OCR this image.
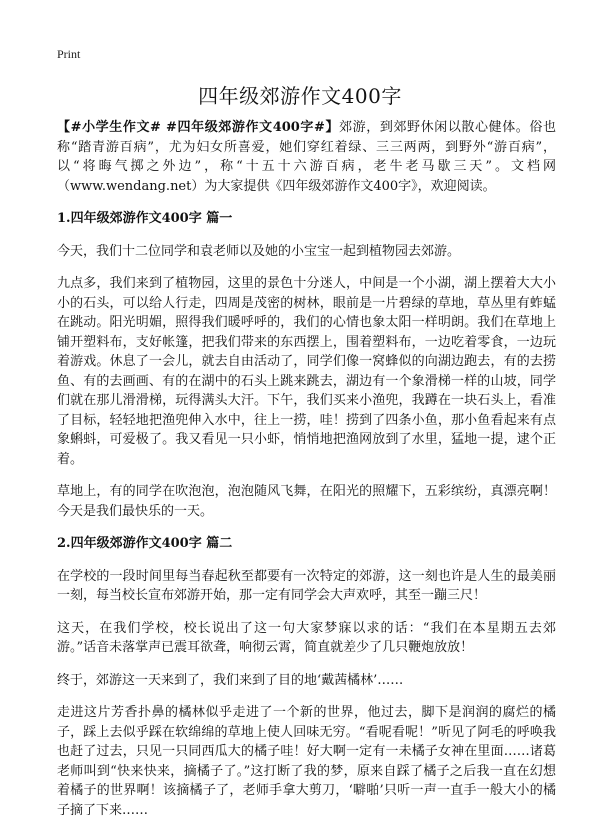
Print
四年级郊游作文400字

【#小学生作文# #四年级郊游作文400字#】郊游，到郊野休闲以散心健体。俗也称“踏青游百病”，尤为妇女所喜爱，她们穿红着绿、三三两两，到野外“游百病”，以“将晦气掷之外边”，称“十五十六游百病，老牛老马歇三天”。文档网（www.wendang.net）为大家提供《四年级郊游作文400字》，欢迎阅读。

1.四年级郊游作文400字 篇一

今天，我们十二位同学和袁老师以及她的小宝宝一起到植物园去郊游。

九点多，我们来到了植物园，这里的景色十分迷人，中间是一个小湖，湖上摆着大大小小的石头，可以给人行走，四周是茂密的树林，眼前是一片碧绿的草地，草丛里有蚱蜢在跳动。阳光明媚，照得我们暖呼呼的，我们的心情也象太阳一样明朗。我们在草地上铺开塑料布，支好帐篷，把我们带来的东西摆上，围着塑料布，一边吃着零食，一边玩着游戏。休息了一会儿，就去自由活动了，同学们像一窝蜂似的向湖边跑去，有的去捞鱼、有的去画画、有的在湖中的石头上跳来跳去，湖边有一个象滑梯一样的山坡，同学们就在那儿滑滑梯，玩得满头大汗。下午，我们买来小渔兜，我蹲在一块石头上，看准了目标，轻轻地把渔兜伸入水中，往上一捞，哇！捞到了四条小鱼，那小鱼看起来有点象蝌蚪，可爱极了。我又看见一只小虾，悄悄地把渔网放到了水里，猛地一提，逮个正着。

草地上，有的同学在吹泡泡，泡泡随风飞舞，在阳光的照耀下，五彩缤纷，真漂亮啊！今天是我们最快乐的一天。

2.四年级郊游作文400字 篇二

在学校的一段时间里每当春起秋至都要有一次特定的郊游，这一刻也许是人生的最美丽一刻，每当校长宣布郊游开始，那一定有同学会大声欢呼，其至一蹦三尺！

这天，在我们学校，校长说出了这一句大家梦寐以求的话：“我们在本星期五去郊游。”话音未落掌声已震耳欲聋，响彻云霄，简直就差少了几只鞭炮放放！

终于，郊游这一天来到了，我们来到了目的地‘戴茜橘林’……

走进这片芳香扑鼻的橘林似乎走进了一个新的世界，他过去，脚下是润润的腐烂的橘子，踩上去似乎踩在软绵绵的草地上使人回味无穷。“看呢看呢！”听见了阿毛的呼唤我也赶了过去，只见一只同西瓜大的橘子哇！好大啊一定有一未橘子女神在里面……诸葛老师叫到“快来快来，摘橘子了。”这打断了我的梦，原来自踩了橘子之后我一直在幻想着橘子的世界啊！该摘橘子了，老师手拿大剪刀，‘噼啪’只听一声一直手一般大小的橘子摘了下来……
